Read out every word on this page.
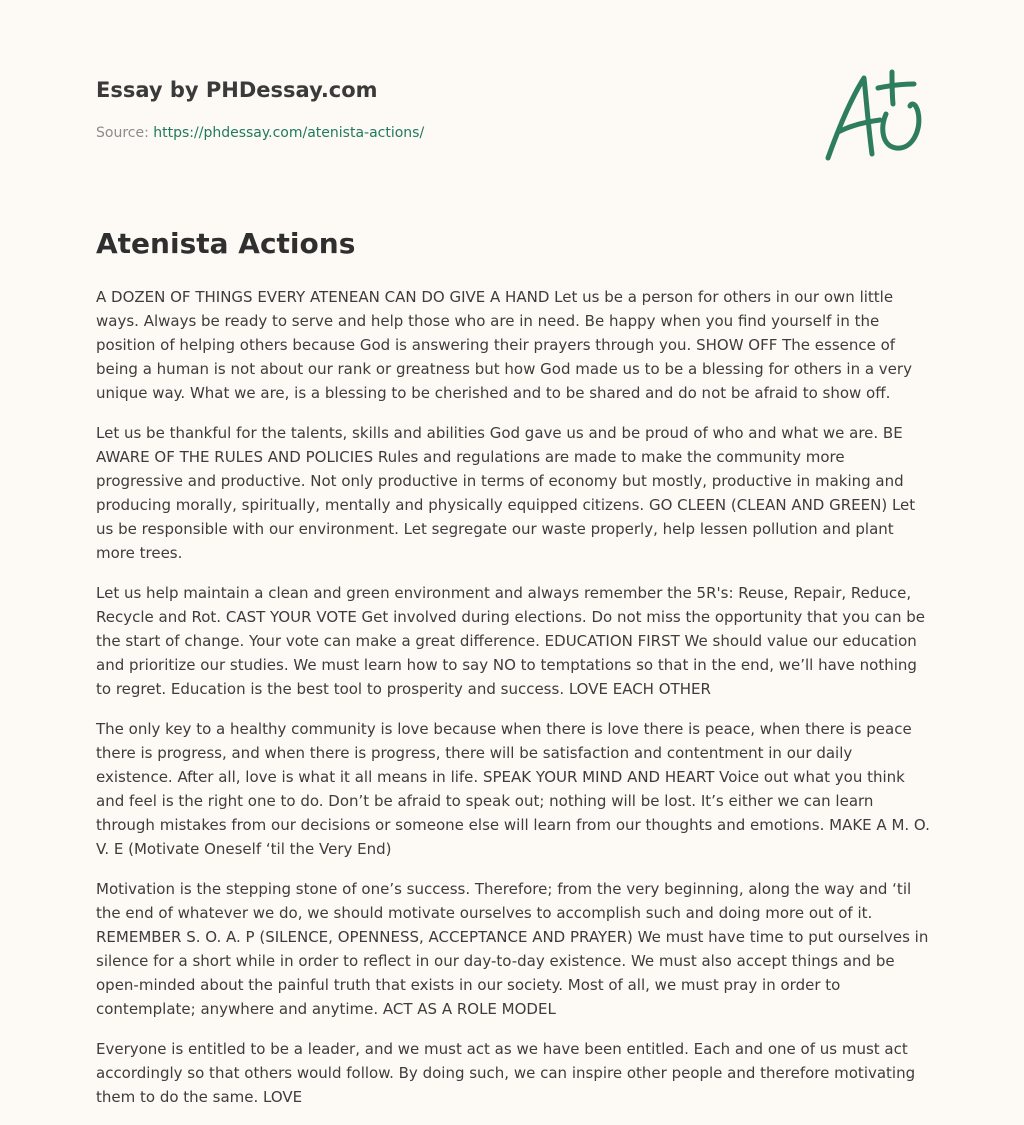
Essay by PHDessay.com
Source: https://phdessay.com/atenista-actions/
Atenista Actions

A DOZEN OF THINGS EVERY ATENEAN CAN DO GIVE A HAND Let us be a person for others in our own little ways. Always be ready to serve and help those who are in need. Be happy when you find yourself in the position of helping others because God is answering their prayers through you. SHOW OFF The essence of being a human is not about our rank or greatness but how God made us to be a blessing for others in a very unique way. What we are, is a blessing to be cherished and to be shared and do not be afraid to show off.

Let us be thankful for the talents, skills and abilities God gave us and be proud of who and what we are. BE AWARE OF THE RULES AND POLICIES Rules and regulations are made to make the community more progressive and productive. Not only productive in terms of economy but mostly, productive in making and producing morally, spiritually, mentally and physically equipped citizens. GO CLEEN (CLEAN AND GREEN) Let us be responsible with our environment. Let segregate our waste properly, help lessen pollution and plant more trees.

Let us help maintain a clean and green environment and always remember the 5R's: Reuse, Repair, Reduce, Recycle and Rot. CAST YOUR VOTE Get involved during elections. Do not miss the opportunity that you can be the start of change. Your vote can make a great difference. EDUCATION FIRST We should value our education and prioritize our studies. We must learn how to say NO to temptations so that in the end, we’ll have nothing to regret. Education is the best tool to prosperity and success. LOVE EACH OTHER

The only key to a healthy community is love because when there is love there is peace, when there is peace there is progress, and when there is progress, there will be satisfaction and contentment in our daily existence. After all, love is what it all means in life. SPEAK YOUR MIND AND HEART Voice out what you think and feel is the right one to do. Don’t be afraid to speak out; nothing will be lost. It’s either we can learn through mistakes from our decisions or someone else will learn from our thoughts and emotions. MAKE A M. O. V. E (Motivate Oneself ‘til the Very End)

Motivation is the stepping stone of one’s success. Therefore; from the very beginning, along the way and ‘til the end of whatever we do, we should motivate ourselves to accomplish such and doing more out of it. REMEMBER S. O. A. P (SILENCE, OPENNESS, ACCEPTANCE AND PRAYER) We must have time to put ourselves in silence for a short while in order to reflect in our day-to-day existence. We must also accept things and be open-minded about the painful truth that exists in our society. Most of all, we must pray in order to contemplate; anywhere and anytime. ACT AS A ROLE MODEL

Everyone is entitled to be a leader, and we must act as we have been entitled. Each and one of us must act accordingly so that others would follow. By doing such, we can inspire other people and therefore motivating them to do the same. LOVE
